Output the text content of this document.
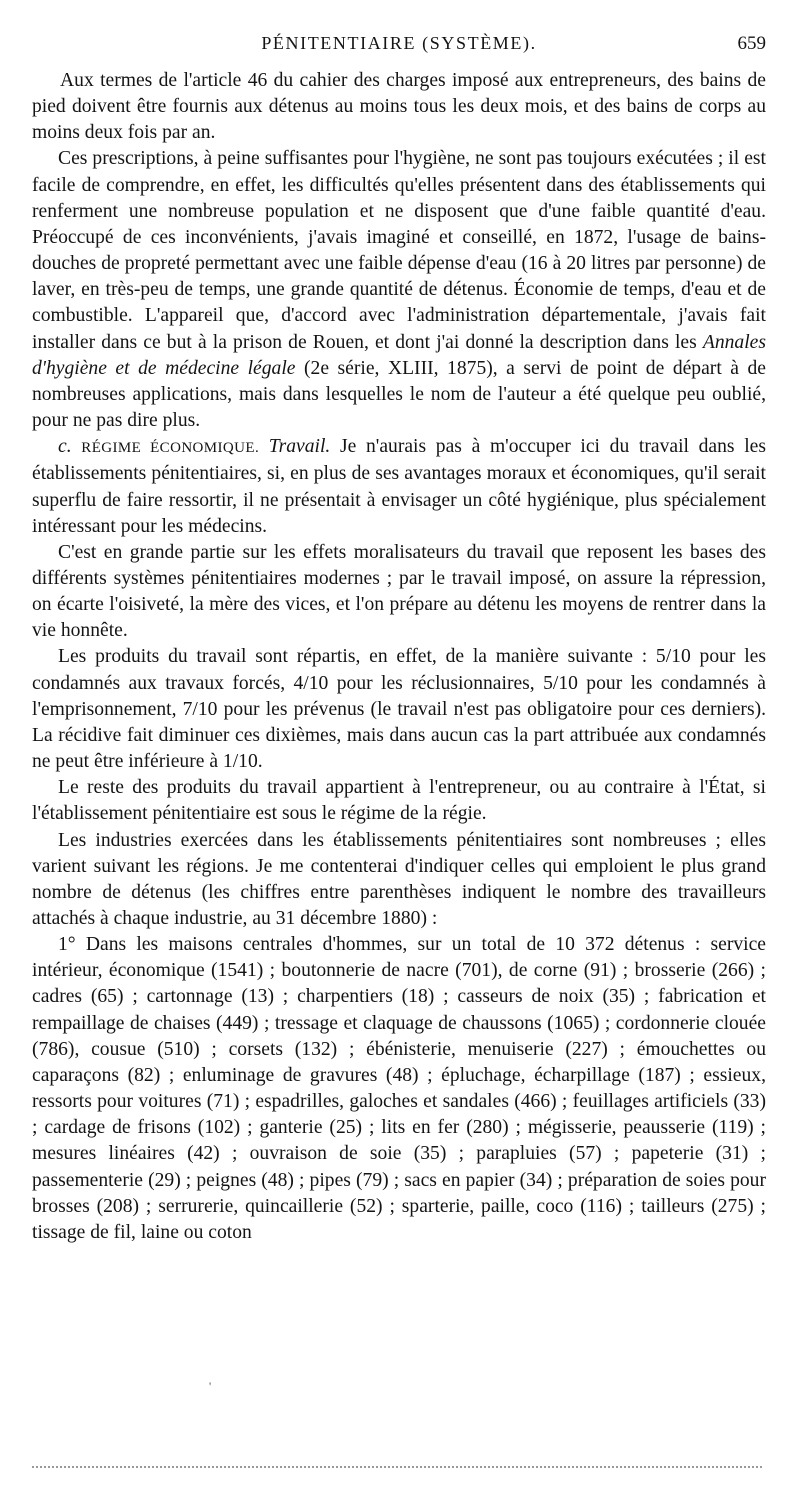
PÉNITENTIAIRE (SYSTÈME).	659

Aux termes de l'article 46 du cahier des charges imposé aux entrepreneurs, des bains de pied doivent être fournis aux détenus au moins tous les deux mois, et des bains de corps au moins deux fois par an.

Ces prescriptions, à peine suffisantes pour l'hygiène, ne sont pas toujours exécutées ; il est facile de comprendre, en effet, les difficultés qu'elles présentent dans des établissements qui renferment une nombreuse population et ne disposent que d'une faible quantité d'eau. Préoccupé de ces inconvénients, j'avais imaginé et conseillé, en 1872, l'usage de bains-douches de propreté permettant avec une faible dépense d'eau (16 à 20 litres par personne) de laver, en très-peu de temps, une grande quantité de détenus. Économie de temps, d'eau et de combustible. L'appareil que, d'accord avec l'administration départementale, j'avais fait installer dans ce but à la prison de Rouen, et dont j'ai donné la description dans les Annales d'hygiène et de médecine légale (2e série, XLIII, 1875), a servi de point de départ à de nombreuses applications, mais dans lesquelles le nom de l'auteur a été quelque peu oublié, pour ne pas dire plus.

c. RÉGIME ÉCONOMIQUE. Travail. Je n'aurais pas à m'occuper ici du travail dans les établissements pénitentiaires, si, en plus de ses avantages moraux et économiques, qu'il serait superflu de faire ressortir, il ne présentait à envisager un côté hygiénique, plus spécialement intéressant pour les médecins.

C'est en grande partie sur les effets moralisateurs du travail que reposent les bases des différents systèmes pénitentiaires modernes ; par le travail imposé, on assure la répression, on écarte l'oisiveté, la mère des vices, et l'on prépare au détenu les moyens de rentrer dans la vie honnête.

Les produits du travail sont répartis, en effet, de la manière suivante : 5/10 pour les condamnés aux travaux forcés, 4/10 pour les réclusionnaires, 5/10 pour les condamnés à l'emprisonnement, 7/10 pour les prévenus (le travail n'est pas obligatoire pour ces derniers). La récidive fait diminuer ces dixièmes, mais dans aucun cas la part attribuée aux condamnés ne peut être inférieure à 1/10.

Le reste des produits du travail appartient à l'entrepreneur, ou au contraire à l'État, si l'établissement pénitentiaire est sous le régime de la régie.

Les industries exercées dans les établissements pénitentiaires sont nombreuses ; elles varient suivant les régions. Je me contenterai d'indiquer celles qui emploient le plus grand nombre de détenus (les chiffres entre parenthèses indiquent le nombre des travailleurs attachés à chaque industrie, au 31 décembre 1880) :

1° Dans les maisons centrales d'hommes, sur un total de 10 372 détenus : service intérieur, économique (1541) ; boutonnerie de nacre (701), de corne (91) ; brosserie (266) ; cadres (65) ; cartonnage (13) ; charpentiers (18) ; casseurs de noix (35) ; fabrication et rempaillage de chaises (449) ; tressage et claquage de chaussons (1065) ; cordonnerie clouée (786), cousue (510) ; corsets (132) ; ébénisterie, menuiserie (227) ; émouchettes ou caparaçons (82) ; enluminage de gravures (48) ; épluchage, écharpillage (187) ; essieux, ressorts pour voitures (71) ; espadrilles, galoches et sandales (466) ; feuillages artificiels (33) ; cardage de frisons (102) ; ganterie (25) ; lits en fer (280) ; mégisserie, peausserie (119) ; mesures linéaires (42) ; ouvraison de soie (35) ; parapluies (57) ; papeterie (31) ; passementerie (29) ; peignes (48) ; pipes (79) ; sacs en papier (34) ; préparation de soies pour brosses (208) ; serrurerie, quincaillerie (52) ; sparterie, paille, coco (116) ; tailleurs (275) ; tissage de fil, laine ou coton

'
